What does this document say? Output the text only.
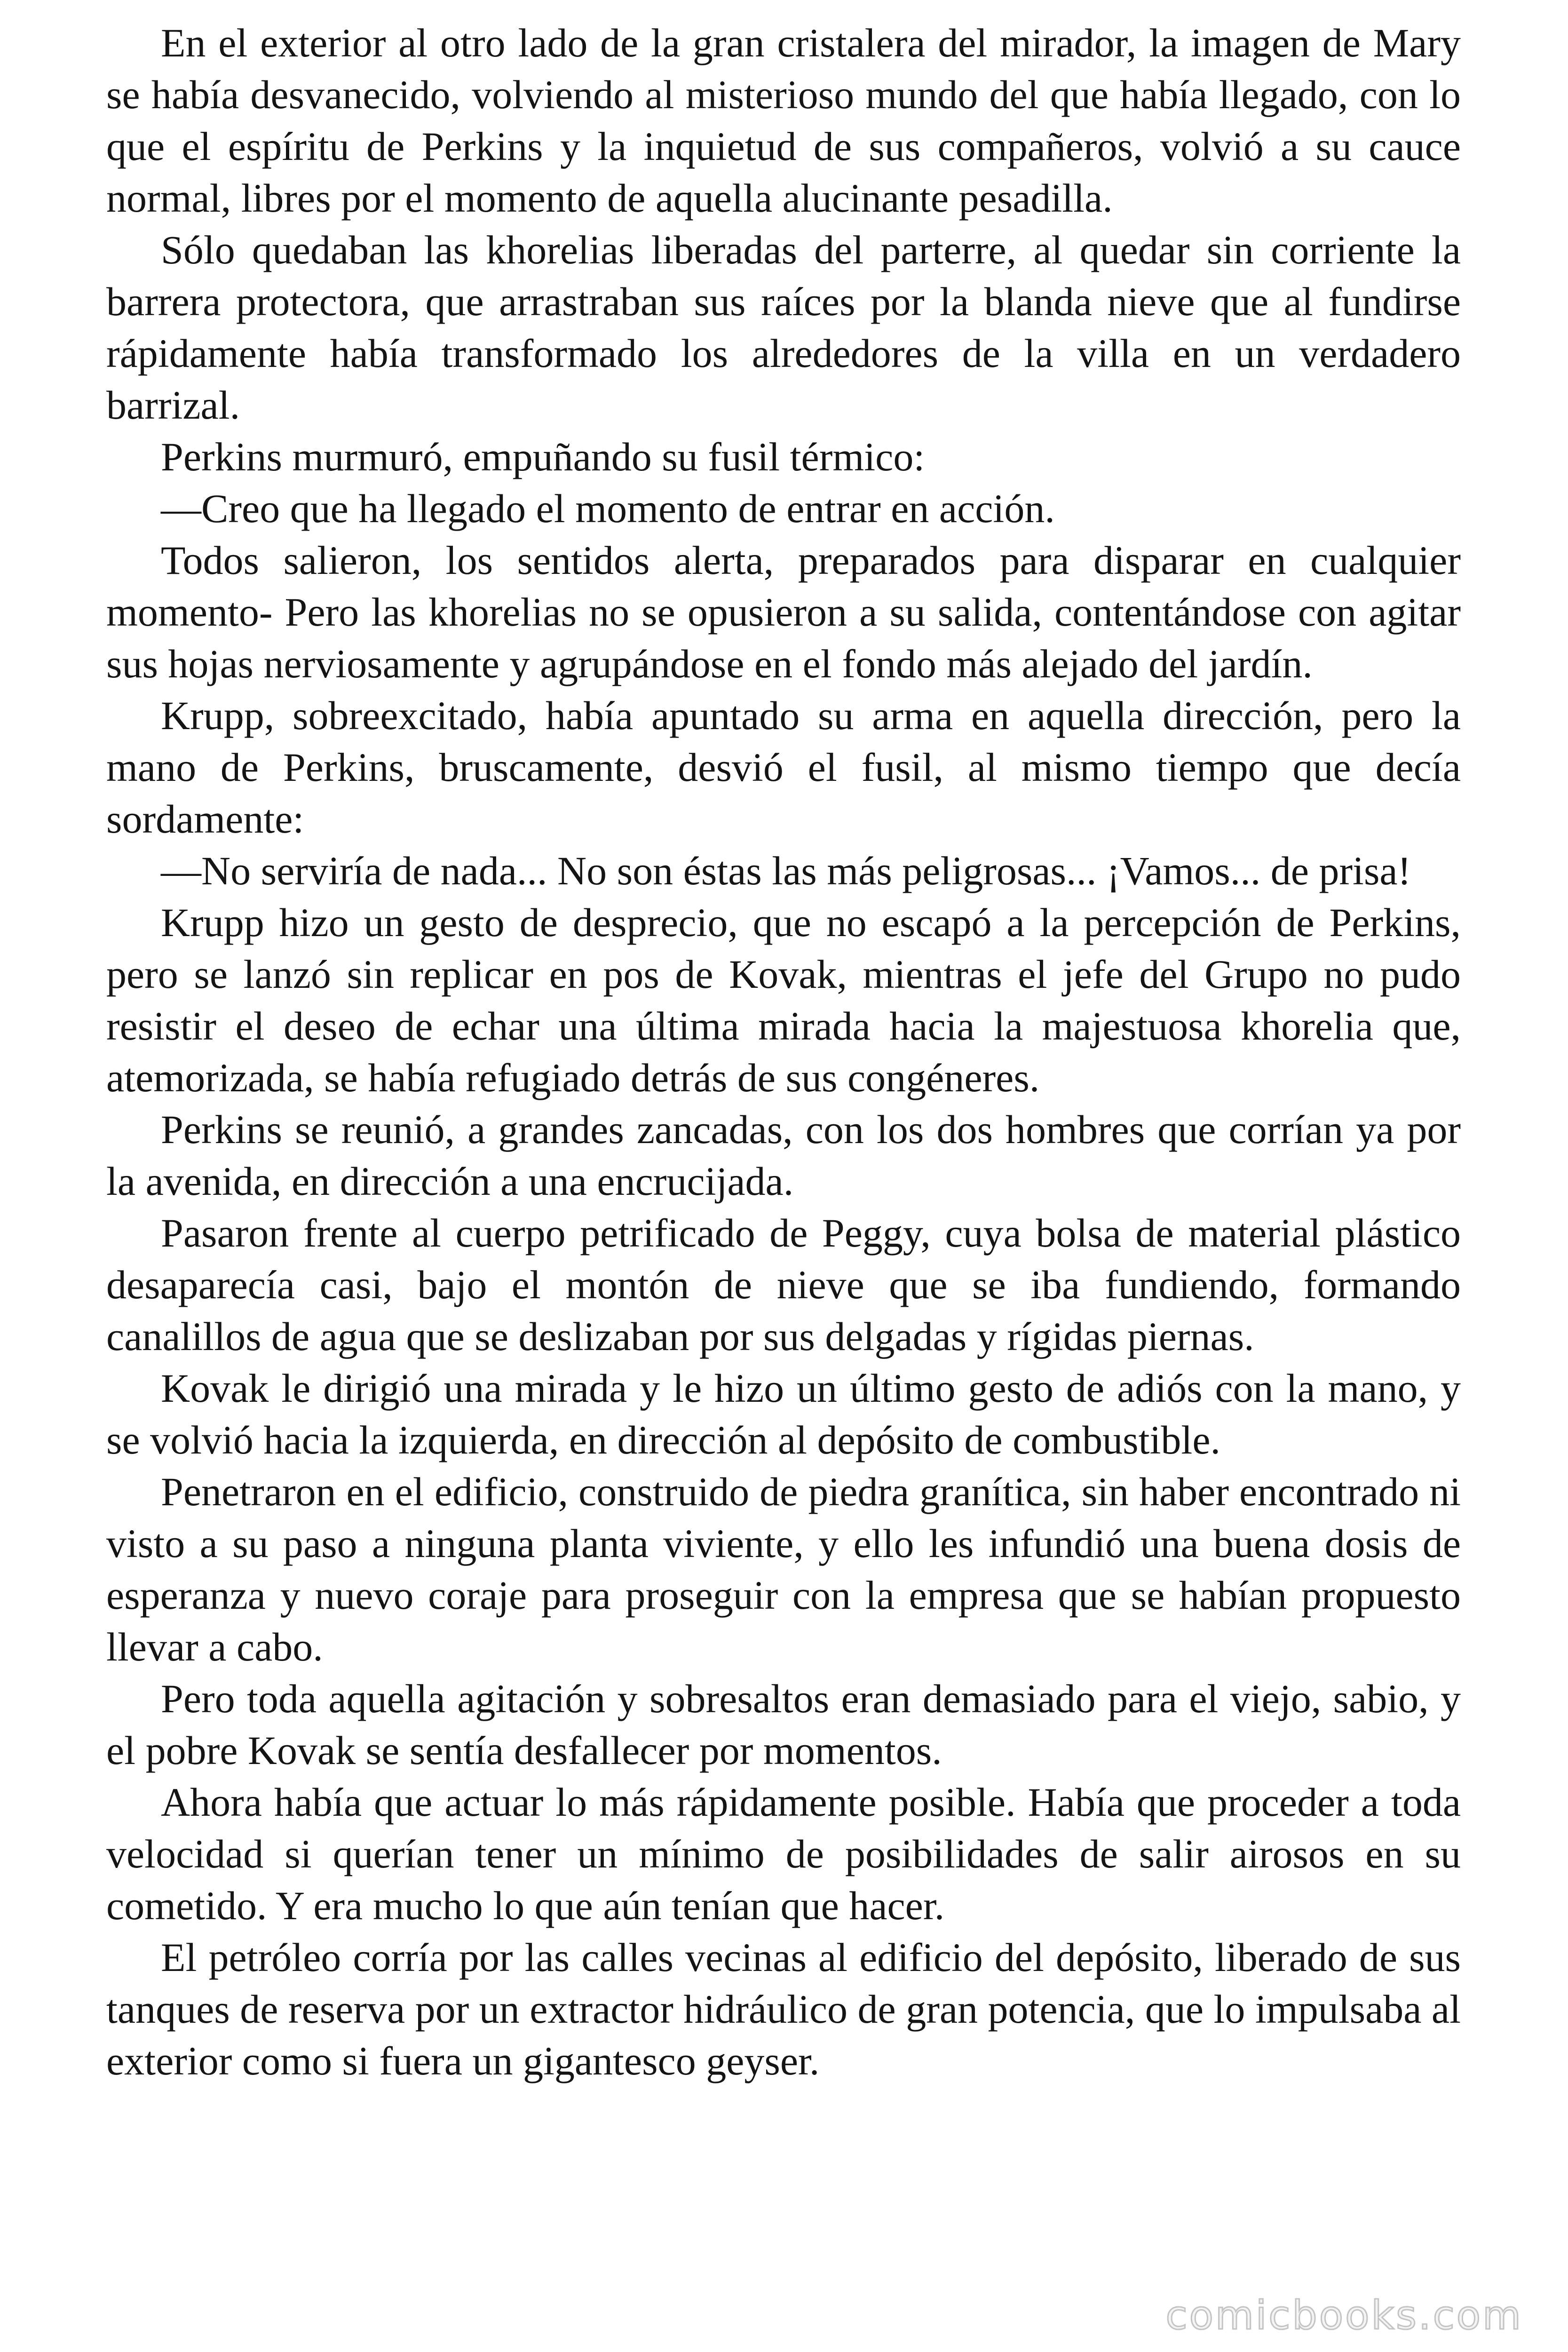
En el exterior al otro lado de la gran cristalera del mirador, la imagen de Mary se había desvanecido, volviendo al misterioso mundo del que había llegado, con lo que el espíritu de Perkins y la inquietud de sus compañeros, volvió a su cauce normal, libres por el momento de aquella alucinante pesadilla.

Sólo quedaban las khorelias liberadas del parterre, al quedar sin corriente la barrera protectora, que arrastraban sus raíces por la blanda nieve que al fundirse rápidamente había transformado los alrededores de la villa en un verdadero barrizal.

Perkins murmuró, empuñando su fusil térmico:

—Creo que ha llegado el momento de entrar en acción.

Todos salieron, los sentidos alerta, preparados para disparar en cualquier momento- Pero las khorelias no se opusieron a su salida, contentándose con agitar sus hojas nerviosamente y agrupándose en el fondo más alejado del jardín.

Krupp, sobreexcitado, había apuntado su arma en aquella dirección, pero la mano de Perkins, bruscamente, desvió el fusil, al mismo tiempo que decía sordamente:

—No serviría de nada... No son éstas las más peligrosas... ¡Vamos... de prisa!

Krupp hizo un gesto de desprecio, que no escapó a la percepción de Perkins, pero se lanzó sin replicar en pos de Kovak, mientras el jefe del Grupo no pudo resistir el deseo de echar una última mirada hacia la majestuosa khorelia que, atemorizada, se había refugiado detrás de sus congéneres.

Perkins se reunió, a grandes zancadas, con los dos hombres que corrían ya por la avenida, en dirección a una encrucijada.

Pasaron frente al cuerpo petrificado de Peggy, cuya bolsa de material plástico desaparecía casi, bajo el montón de nieve que se iba fundiendo, formando canalillos de agua que se deslizaban por sus delgadas y rígidas piernas.

Kovak le dirigió una mirada y le hizo un último gesto de adiós con la mano, y se volvió hacia la izquierda, en dirección al depósito de combustible.

Penetraron en el edificio, construido de piedra granítica, sin haber encontrado ni visto a su paso a ninguna planta viviente, y ello les infundió una buena dosis de esperanza y nuevo coraje para proseguir con la empresa que se habían propuesto llevar a cabo.

Pero toda aquella agitación y sobresaltos eran demasiado para el viejo, sabio, y el pobre Kovak se sentía desfallecer por momentos.

Ahora había que actuar lo más rápidamente posible. Había que proceder a toda velocidad si querían tener un mínimo de posibilidades de salir airosos en su cometido. Y era mucho lo que aún tenían que hacer.

El petróleo corría por las calles vecinas al edificio del depósito, liberado de sus tanques de reserva por un extractor hidráulico de gran potencia, que lo impulsaba al exterior como si fuera un gigantesco geyser.

comicbooks.com
